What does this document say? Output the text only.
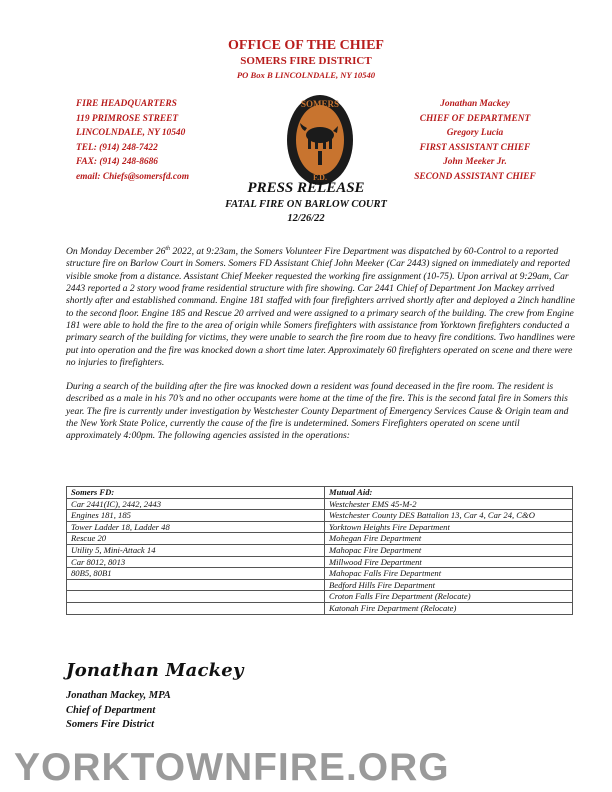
OFFICE OF THE CHIEF
SOMERS FIRE DISTRICT
PO Box B LINCOLNDALE, NY 10540
FIRE HEADQUARTERS
119 PRIMROSE STREET
LINCOLNDALE, NY 10540
TEL: (914) 248-7422
FAX: (914) 248-8686
email: Chiefs@somersfd.com
SOMERS
F.D.
Jonathan Mackey
CHIEF OF DEPARTMENT
Gregory Lucia
FIRST ASSISTANT CHIEF
John Meeker Jr.
SECOND ASSISTANT CHIEF
PRESS RELEASE
FATAL FIRE ON BARLOW COURT
12/26/22

On Monday December 26th 2022, at 9:23am, the Somers Volunteer Fire Department was dispatched by 60-Control to a reported structure fire on Barlow Court in Somers. Somers FD Assistant Chief John Meeker (Car 2443) signed on immediately and reported visible smoke from a distance. Assistant Chief Meeker requested the working fire assignment (10-75). Upon arrival at 9:29am, Car 2443 reported a 2 story wood frame residential structure with fire showing. Car 2441 Chief of Department Jon Mackey arrived shortly after and established command. Engine 181 staffed with four firefighters arrived shortly after and deployed a 2inch handline to the second floor. Engine 185 and Rescue 20 arrived and were assigned to a primary search of the building. The crew from Engine 181 were able to hold the fire to the area of origin while Somers firefighters with assistance from Yorktown firefighters conducted a primary search of the building for victims, they were unable to search the fire room due to heavy fire conditions. Two handlines were put into operation and the fire was knocked down a short time later. Approximately 60 firefighters operated on scene and there were no injuries to firefighters.

During a search of the building after the fire was knocked down a resident was found deceased in the fire room. The resident is described as a male in his 70’s and no other occupants were home at the time of the fire. This is the second fatal fire in Somers this year. The fire is currently under investigation by Westchester County Department of Emergency Services Cause & Origin team and the New York State Police, currently the cause of the fire is undetermined. Somers Firefighters operated on scene until approximately 4:00pm. The following agencies assisted in the operations:

Somers FD:	Mutual Aid:
Car 2441(IC), 2442, 2443	Westchester EMS 45-M-2
Engines 181, 185	Westchester County DES Battalion 13, Car 4, Car 24, C&O
Tower Ladder 18, Ladder 48	Yorktown Heights Fire Department
Rescue 20	Mohegan Fire Department
Utility 5, Mini-Attack 14	Mahopac Fire Department
Car 8012, 8013	Millwood Fire Department
80B5, 80B1	Mahopac Falls Fire Department
	Bedford Hills Fire Department
	Croton Falls Fire Department (Relocate)
	Katonah Fire Department (Relocate)
Jonathan Mackey
Jonathan Mackey, MPA
Chief of Department
Somers Fire District
YORKTOWNFIRE.ORG
